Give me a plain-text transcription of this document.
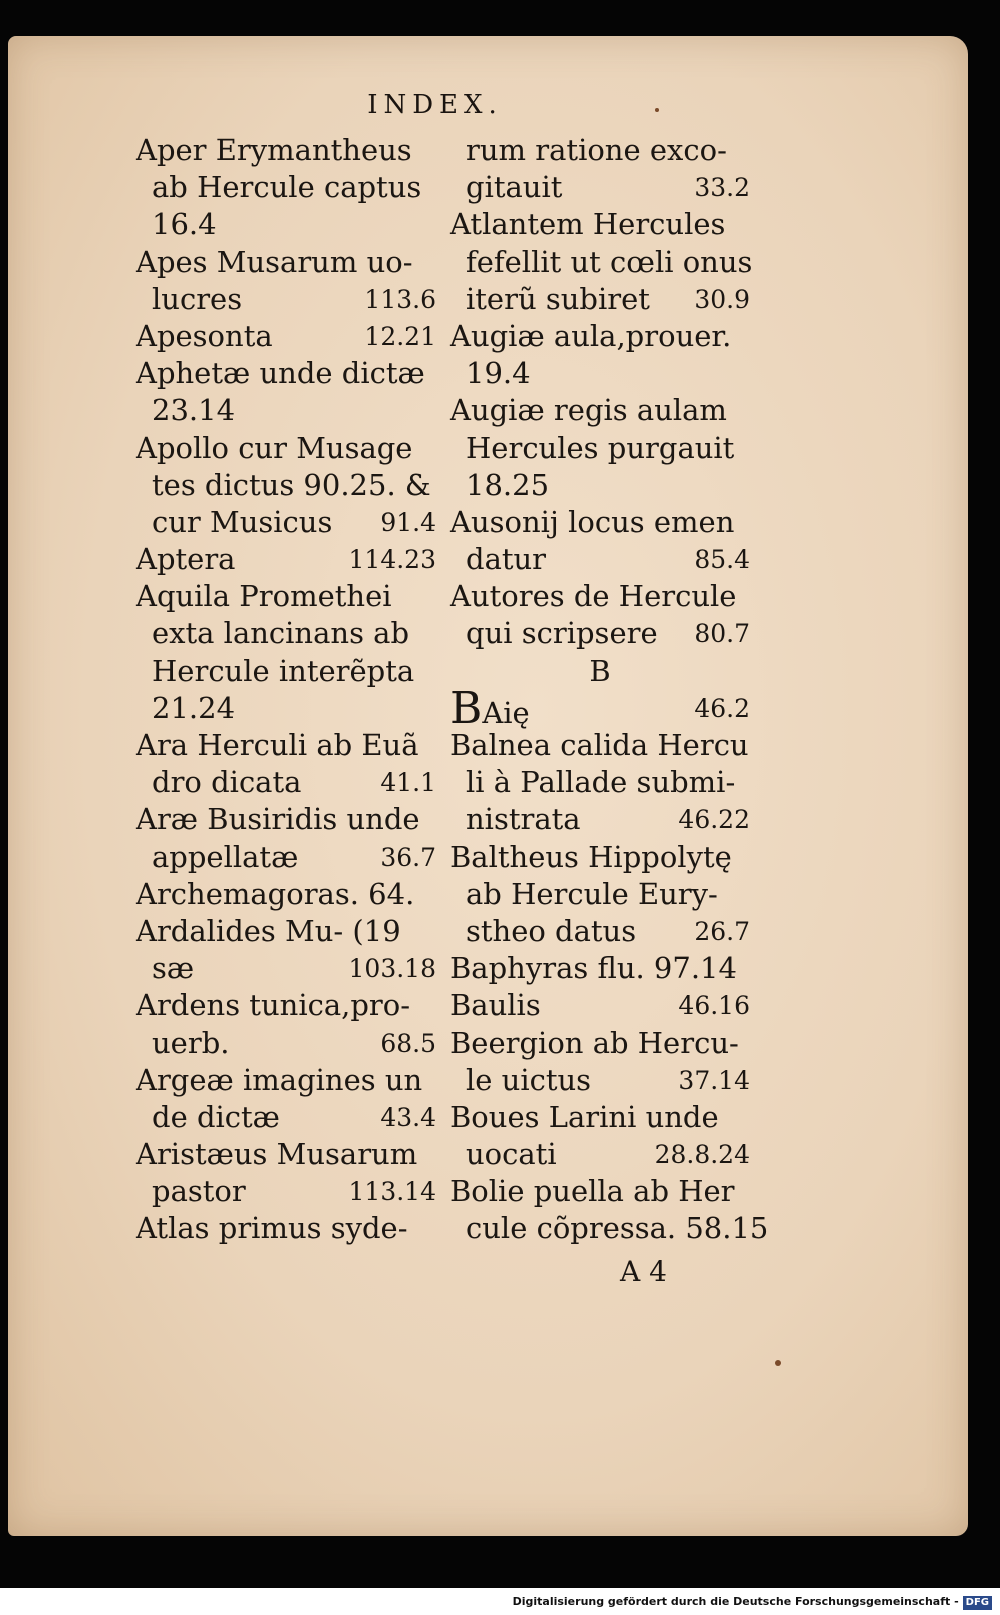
INDEX.
Aper Erymantheus
ab Hercule captus
16.4
Apes Musarum uo-
lucres	113.6
Apesonta	12.21
Aphetæ unde dictæ
23.14
Apollo cur Musage
tes dictus 90.25. &
cur Musicus 91.4
Aptera	114.23
Aquila Promethei
exta lancinans ab
Hercule interẽpta
21.24
Ara Herculi ab Euã
dro dicata	41.1
Aræ Busiridis unde
appellatæ	36.7
Archemagoras. 64.
Ardalides Mu- (19
sæ	103.18
Ardens tunica,pro-
uerb.	68.5
Argeæ imagines un
de dictæ	43.4
Aristæus Musarum
pastor	113.14
Atlas primus syde-
rum ratione exco-
gitauit	33.2
Atlantem Hercules
fefellit ut cœli onus
iterũ subiret 30.9
Augiæ aula,prouer.
19.4
Augiæ regis aulam
Hercules purgauit
18.25
Ausonij locus emen
datur	85.4
Autores de Hercule
qui scripsere 80.7
B
BAię	46.2
Balnea calida Hercu
li à Pallade submi-
nistrata	46.22
Baltheus Hippolytę
ab Hercule Eury-
stheo datus 26.7
Baphyras flu. 97.14
Baulis	46.16
Beergion ab Hercu-
le uictus	37.14
Boues Larini unde
uocati	28.8.24
Bolie puella ab Her
cule cõpressa. 58.15
A 4
Digitalisierung gefördert durch die Deutsche Forschungsgemeinschaft - DFG
